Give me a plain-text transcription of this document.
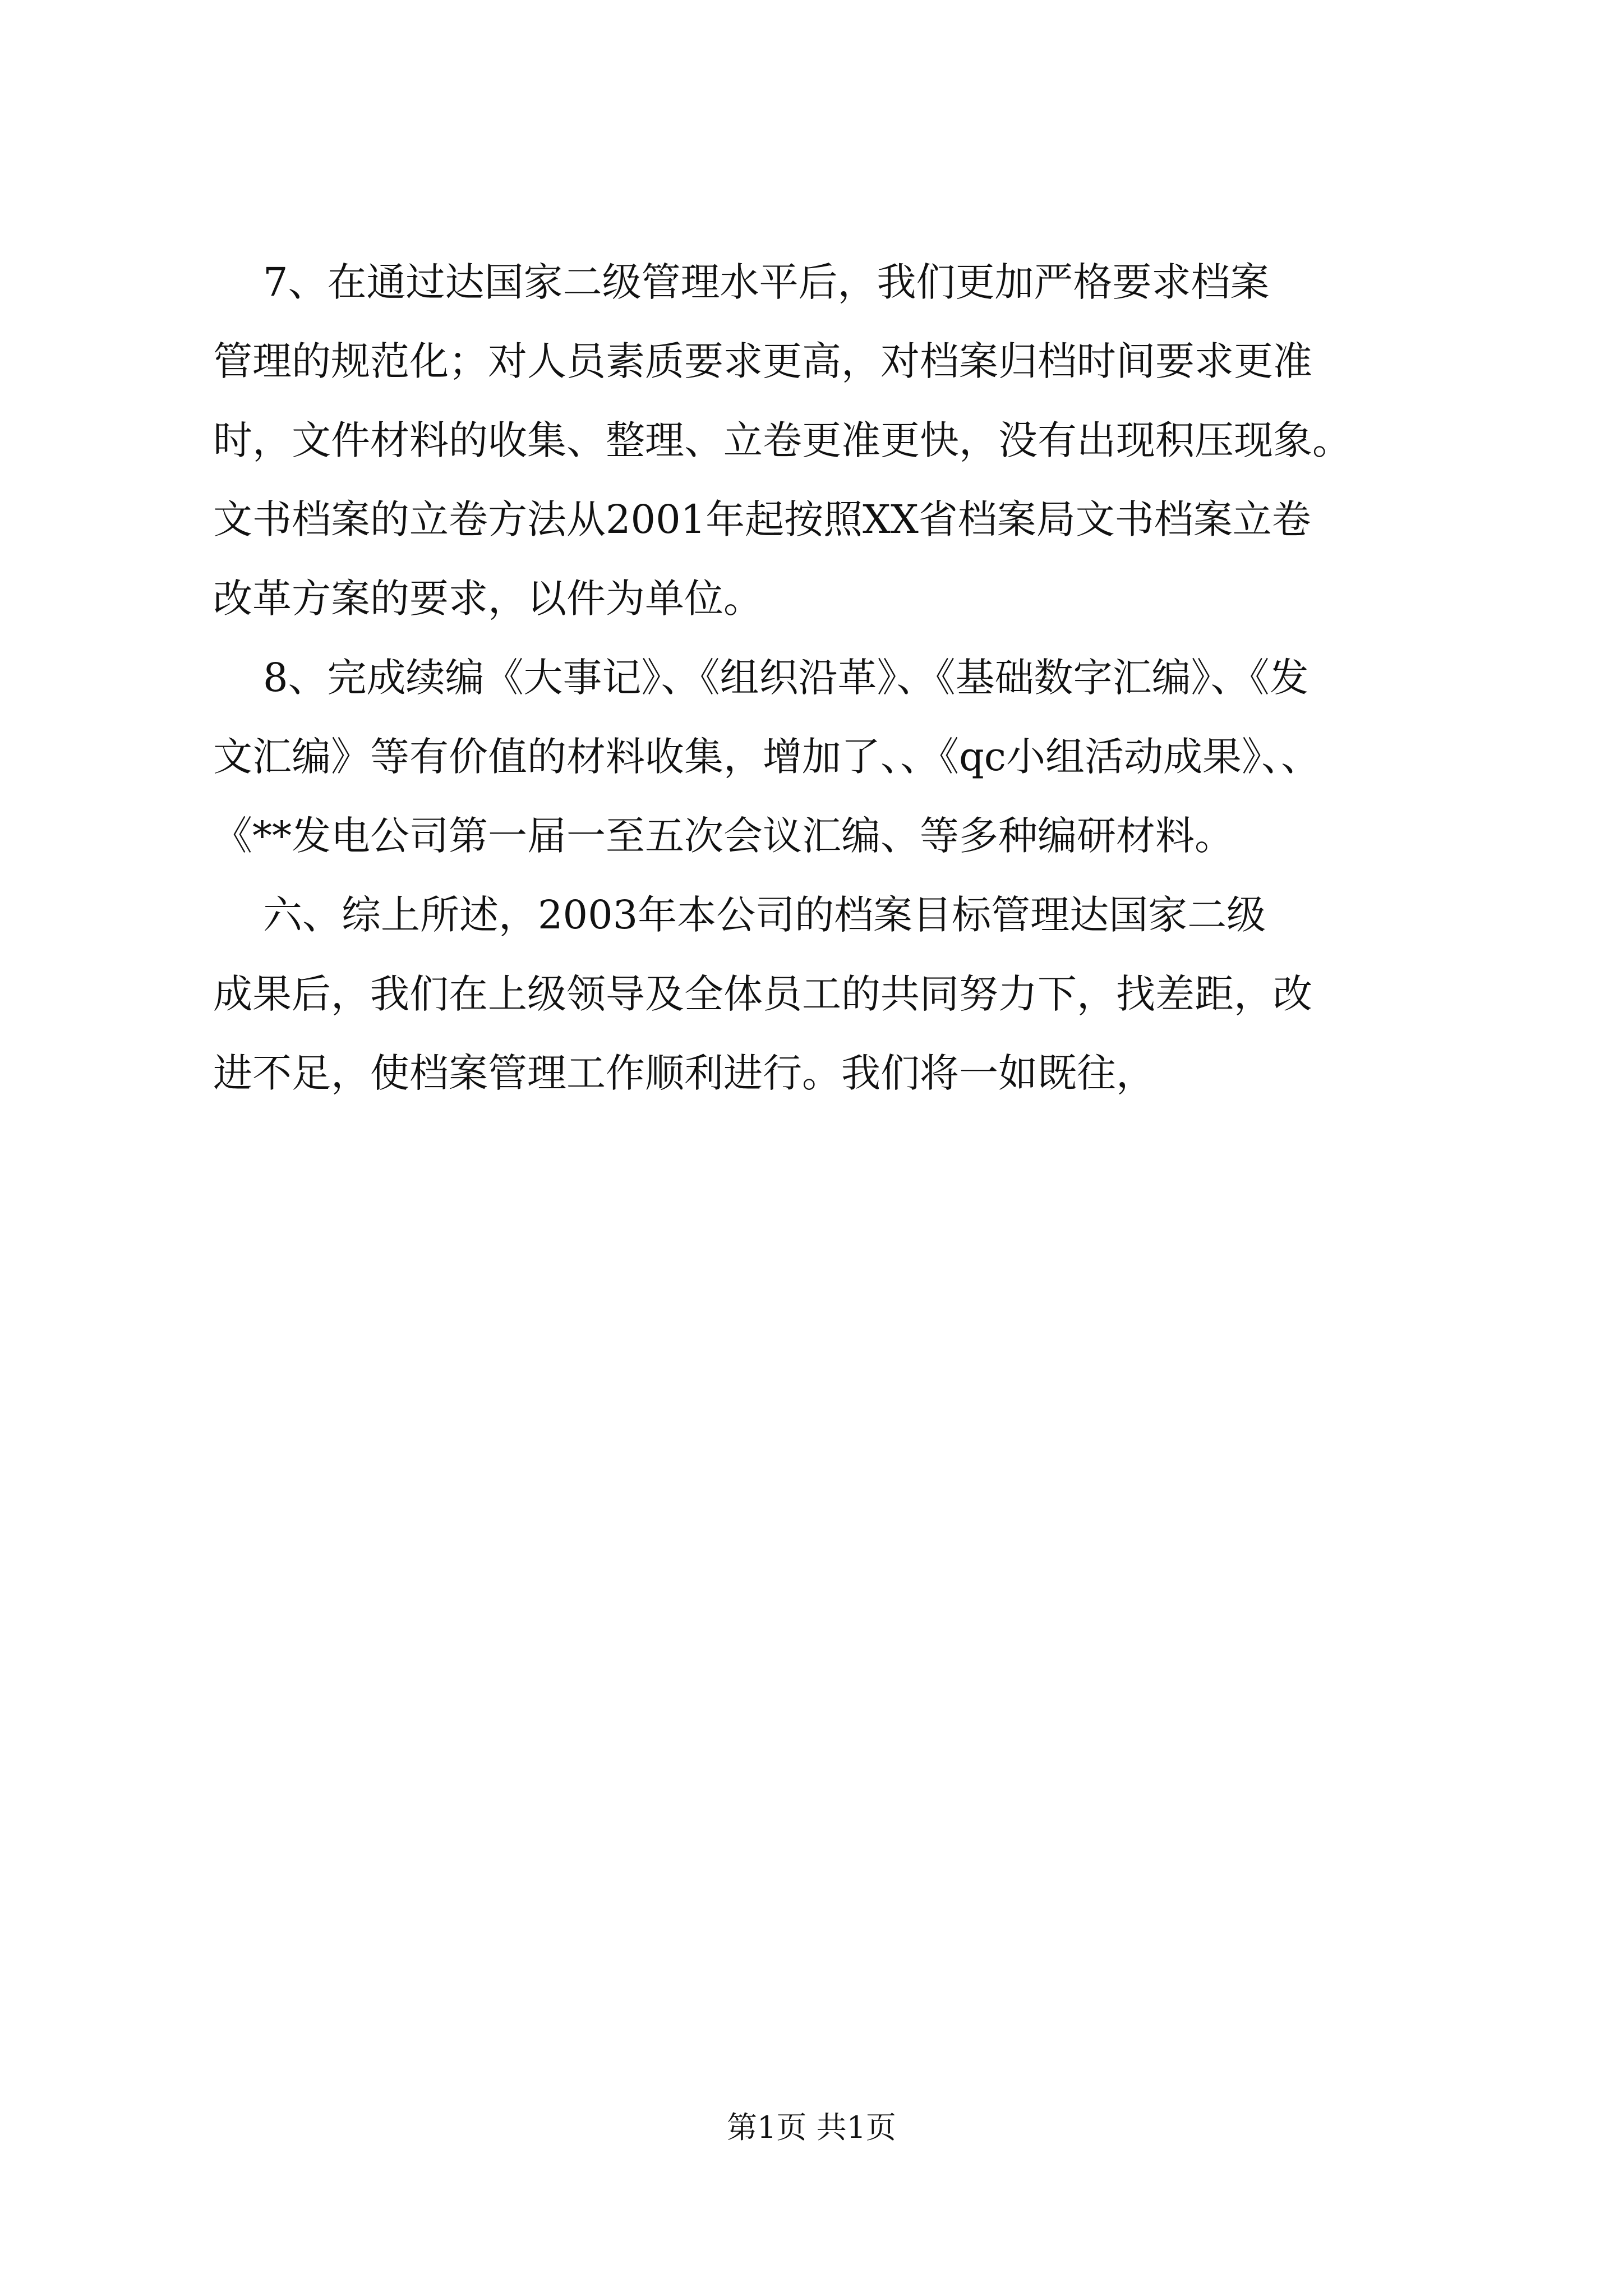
7、在通过达国家二级管理水平后，我们更加严格要求档案
管理的规范化；对人员素质要求更高，对档案归档时间要求更准
时，文件材料的收集、整理、立卷更准更快，没有出现积压现象。
文书档案的立卷方法从2001年起按照XX省档案局文书档案立卷
改革方案的要求，以件为单位。
8、完成续编《大事记》、《组织沿革》、《基础数字汇编》、《发
文汇编》等有价值的材料收集，增加了、、《qc小组活动成果》、、
《**发电公司第一届一至五次会议汇编、等多种编研材料。
六、综上所述，2003年本公司的档案目标管理达国家二级
成果后，我们在上级领导及全体员工的共同努力下，找差距，改
进不足，使档案管理工作顺利进行。我们将一如既往，
第1页 共1页
